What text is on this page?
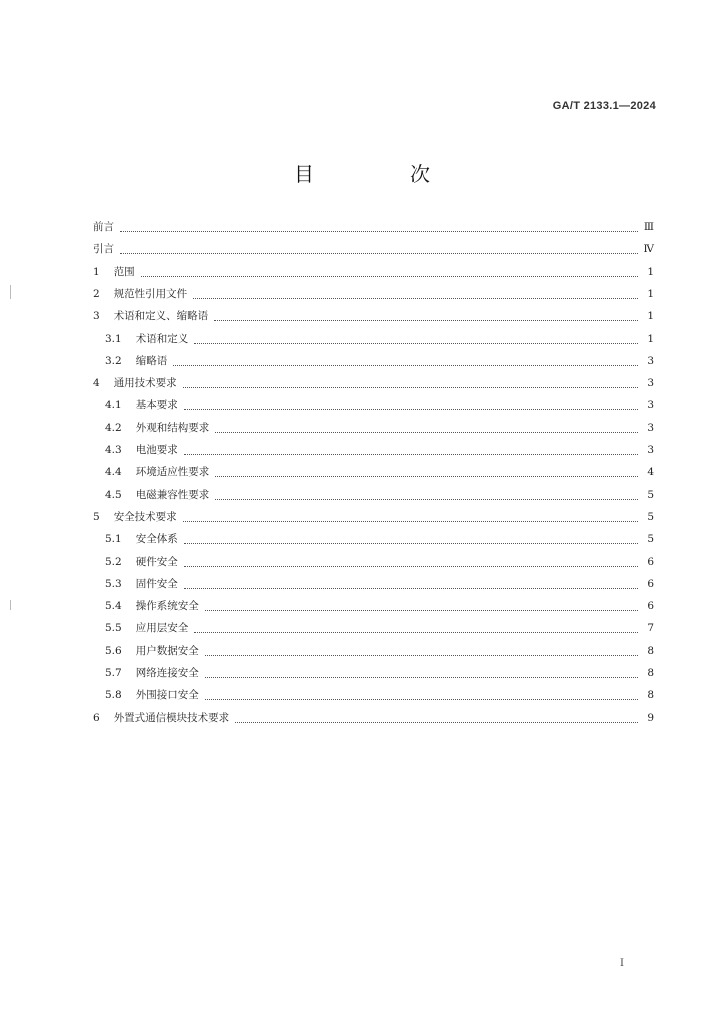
GA/T 2133.1—2024
目　次
前言	Ⅲ
引言	Ⅳ
1 范围	1
2 规范性引用文件	1
3 术语和定义、缩略语	1
3.1 术语和定义	1
3.2 缩略语	3
4 通用技术要求	3
4.1 基本要求	3
4.2 外观和结构要求	3
4.3 电池要求	3
4.4 环境适应性要求	4
4.5 电磁兼容性要求	5
5 安全技术要求	5
5.1 安全体系	5
5.2 硬件安全	6
5.3 固件安全	6
5.4 操作系统安全	6
5.5 应用层安全	7
5.6 用户数据安全	8
5.7 网络连接安全	8
5.8 外围接口安全	8
6 外置式通信模块技术要求	9
I
